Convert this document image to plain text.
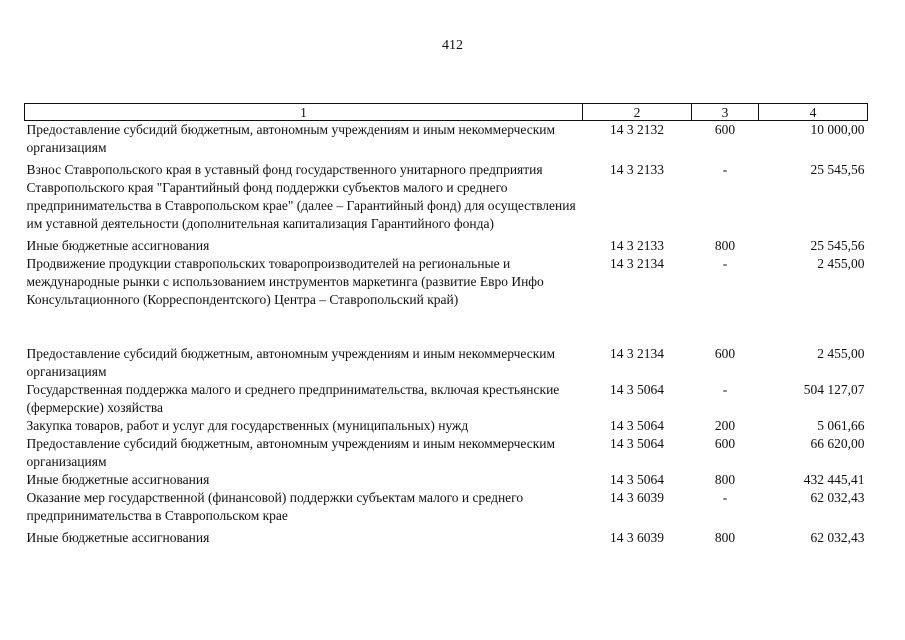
412
1	2	3	4
Предоставление субсидий бюджетным, автономным учреждениям и иным некоммерческим организациям	14 3 2132	600	10 000,00
Взнос Ставропольского края в уставный фонд государственного унитарного предприятия Ставропольского края "Гарантийный фонд поддержки субъектов малого и среднего предпринимательства в Ставропольском крае" (далее – Гарантийный фонд) для осуществления им уставной деятельности (дополнительная капитализация Гарантийного фонда)	14 3 2133	-	25 545,56
Иные бюджетные ассигнования	14 3 2133	800	25 545,56
Продвижение продукции ставропольских товаропроизводителей на региональные и международные рынки с использованием инструментов маркетинга (развитие Евро Инфо Консультационного (Корреспондентского) Центра – Ставропольский край)	14 3 2134	-	2 455,00
Предоставление субсидий бюджетным, автономным учреждениям и иным некоммерческим организациям	14 3 2134	600	2 455,00
Государственная поддержка малого и среднего предпринимательства, включая крестьянские (фермерские) хозяйства	14 3 5064	-	504 127,07
Закупка товаров, работ и услуг для государственных (муниципальных) нужд	14 3 5064	200	5 061,66
Предоставление субсидий бюджетным, автономным учреждениям и иным некоммерческим организациям	14 3 5064	600	66 620,00
Иные бюджетные ассигнования	14 3 5064	800	432 445,41
Оказание мер государственной (финансовой) поддержки субъектам малого и среднего предпринимательства в Ставропольском крае	14 3 6039	-	62 032,43
Иные бюджетные ассигнования	14 3 6039	800	62 032,43
